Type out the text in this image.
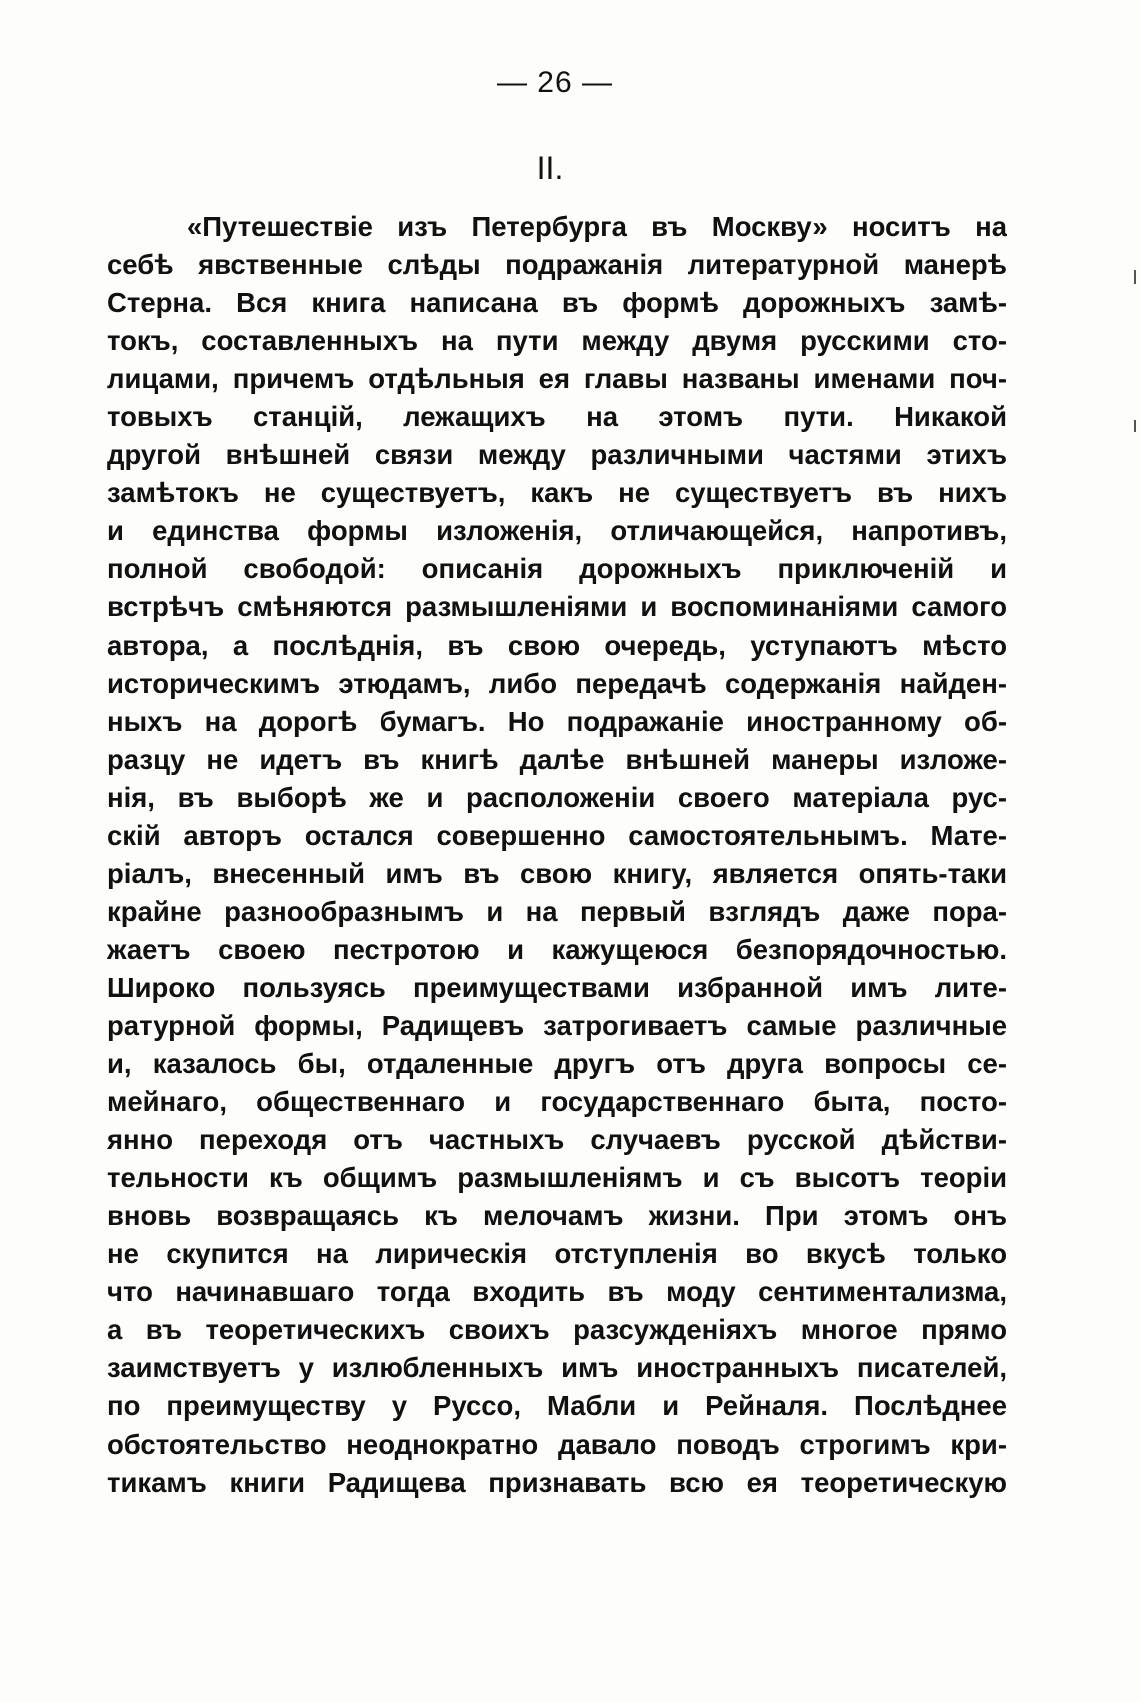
— 26 —
II.
«Путешествіе изъ Петербурга въ Москву» носитъ на
себѣ явственные слѣды подражанія литературной манерѣ
Стерна. Вся книга написана въ формѣ дорожныхъ замѣ-
токъ, составленныхъ на пути между двумя русскими сто-
лицами, причемъ отдѣльныя ея главы названы именами поч-
товыхъ станцій, лежащихъ на этомъ пути. Никакой
другой внѣшней связи между различными частями этихъ
замѣтокъ не существуетъ, какъ не существуетъ въ нихъ
и единства формы изложенія, отличающейся, напротивъ,
полной свободой: описанія дорожныхъ приключеній и
встрѣчъ смѣняются размышленіями и воспоминаніями самого
автора, а послѣднія, въ свою очередь, уступаютъ мѣсто
историческимъ этюдамъ, либо передачѣ содержанія найден-
ныхъ на дорогѣ бумагъ. Но подражаніе иностранному об-
разцу не идетъ въ книгѣ далѣе внѣшней манеры изложе-
нія, въ выборѣ же и расположеніи своего матеріала рус-
скій авторъ остался совершенно самостоятельнымъ. Мате-
ріалъ, внесенный имъ въ свою книгу, является опять-таки
крайне разнообразнымъ и на первый взглядъ даже пора-
жаетъ своею пестротою и кажущеюся безпорядочностью.
Широко пользуясь преимуществами избранной имъ лите-
ратурной формы, Радищевъ затрогиваетъ самые различные
и, казалось бы, отдаленные другъ отъ друга вопросы се-
мейнаго, общественнаго и государственнаго быта, посто-
янно переходя отъ частныхъ случаевъ русской дѣйстви-
тельности къ общимъ размышленіямъ и съ высотъ теоріи
вновь возвращаясь къ мелочамъ жизни. При этомъ онъ
не скупится на лирическія отступленія во вкусѣ только
что начинавшаго тогда входить въ моду сентиментализма,
а въ теоретическихъ своихъ разсужденіяхъ многое прямо
заимствуетъ у излюбленныхъ имъ иностранныхъ писателей,
по преимуществу у Руссо, Мабли и Рейналя. Послѣднее
обстоятельство неоднократно давало поводъ строгимъ кри-
тикамъ книги Радищева признавать всю ея теоретическую
